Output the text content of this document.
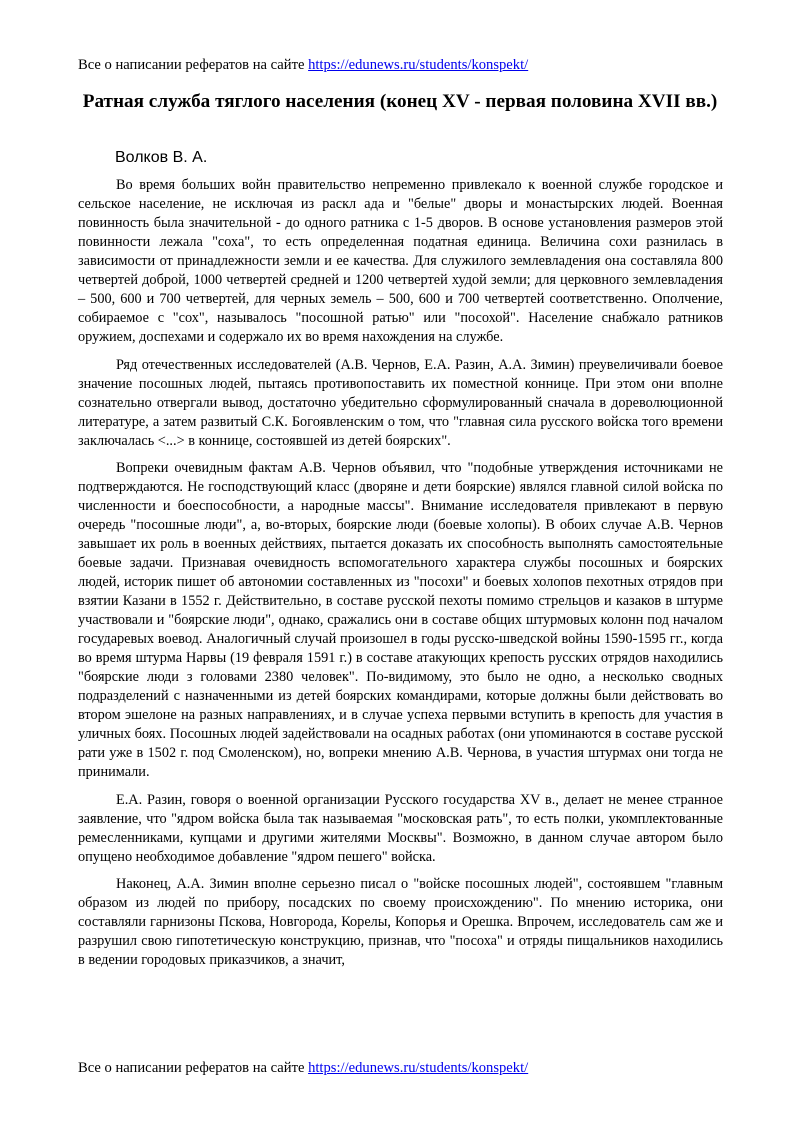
Все о написании рефератов на сайте https://edunews.ru/students/konspekt/
Ратная служба тяглого населения (конец XV - первая половина XVII вв.)
Волков В. А.

Во время больших войн правительство непременно привлекало к военной службе городское и сельское население, не исключая из раскл ада и "белые" дворы и монастырских людей. Военная повинность была значительной - до одного ратника с 1-5 дворов. В основе установления размеров этой повинности лежала "соха", то есть определенная податная единица. Величина сохи разнилась в зависимости от принадлежности земли и ее качества. Для служилого землевладения она составляла 800 четвертей доброй, 1000 четвертей средней и 1200 четвертей худой земли; для церковного землевладения – 500, 600 и 700 четвертей, для черных земель – 500, 600 и 700 четвертей соответственно. Ополчение, собираемое с "сох", называлось "посошной ратью" или "посохой". Население снабжало ратников оружием, доспехами и содержало их во время нахождения на службе.

Ряд отечественных исследователей (А.В. Чернов, Е.А. Разин, А.А. Зимин) преувеличивали боевое значение посошных людей, пытаясь противопоставить их поместной коннице. При этом они вполне сознательно отвергали вывод, достаточно убедительно сформулированный сначала в дореволюционной литературе, а затем развитый С.К. Богоявленским о том, что "главная сила русского войска того времени заключалась <...> в коннице, состоявшей из детей боярских".

Вопреки очевидным фактам А.В. Чернов объявил, что "подобные утверждения источниками не подтверждаются. Не господствующий класс (дворяне и дети боярские) являлся главной силой войска по численности и боеспособности, а народные массы". Внимание исследователя привлекают в первую очередь "посошные люди", а, во-вторых, боярские люди (боевые холопы). В обоих случае А.В. Чернов завышает их роль в военных действиях, пытается доказать их способность выполнять самостоятельные боевые задачи. Признавая очевидность вспомогательного характера службы посошных и боярских людей, историк пишет об автономии составленных из "посохи" и боевых холопов пехотных отрядов при взятии Казани в 1552 г. Действительно, в составе русской пехоты помимо стрельцов и казаков в штурме участвовали и "боярские люди", однако, сражались они в составе общих штурмовых колонн под началом государевых воевод. Аналогичный случай произошел в годы русско-шведской войны 1590-1595 гг., когда во время штурма Нарвы (19 февраля 1591 г.) в составе атакующих крепость русских отрядов находились "боярские люди з головами 2380 человек". По-видимому, это было не одно, а несколько сводных подразделений с назначенными из детей боярских командирами, которые должны были действовать во втором эшелоне на разных направлениях, и в случае успеха первыми вступить в крепость для участия в уличных боях. Посошных людей задействовали на осадных работах (они упоминаются в составе русской рати уже в 1502 г. под Смоленском), но, вопреки мнению А.В. Чернова, в участия штурмах они тогда не принимали.

Е.А. Разин, говоря о военной организации Русского государства XV в., делает не менее странное заявление, что "ядром войска была так называемая "московская рать", то есть полки, укомплектованные ремесленниками, купцами и другими жителями Москвы". Возможно, в данном случае автором было опущено необходимое добавление "ядром пешего" войска.

Наконец, А.А. Зимин вполне серьезно писал о "войске посошных людей", состоявшем "главным образом из людей по прибору, посадских по своему происхождению". По мнению историка, они составляли гарнизоны Пскова, Новгорода, Корелы, Копорья и Орешка. Впрочем, исследователь сам же и разрушил свою гипотетическую конструкцию, признав, что "посоха" и отряды пищальников находились в ведении городовых приказчиков, а значит,

Все о написании рефератов на сайте https://edunews.ru/students/konspekt/
